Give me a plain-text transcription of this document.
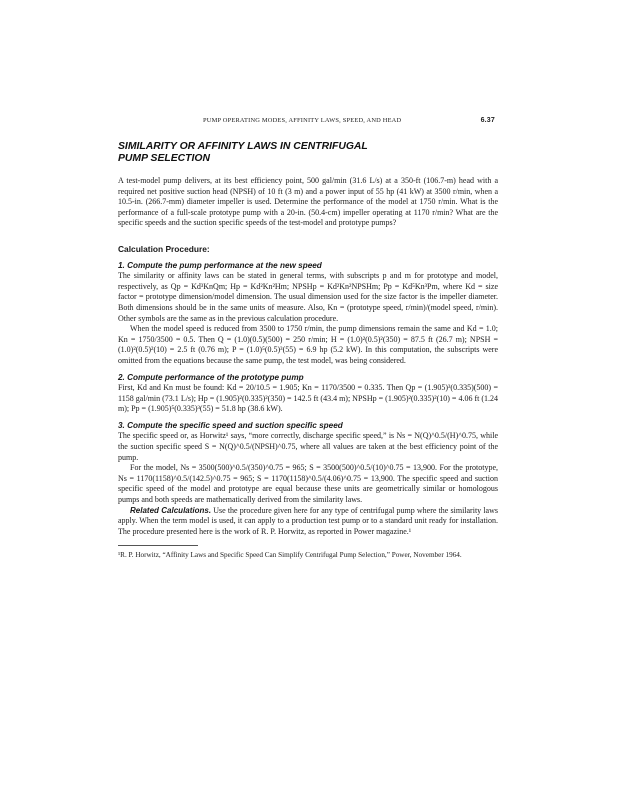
PUMP OPERATING MODES, AFFINITY LAWS, SPEED, AND HEAD	6.37
SIMILARITY OR AFFINITY LAWS IN CENTRIFUGAL PUMP SELECTION

A test-model pump delivers, at its best efficiency point, 500 gal/min (31.6 L/s) at a 350-ft (106.7-m) head with a required net positive suction head (NPSH) of 10 ft (3 m) and a power input of 55 hp (41 kW) at 3500 r/min, when a 10.5-in. (266.7-mm) diameter impeller is used. Determine the performance of the model at 1750 r/min. What is the performance of a full-scale prototype pump with a 20-in. (50.4-cm) impeller operating at 1170 r/min? What are the specific speeds and the suction specific speeds of the test-model and prototype pumps?

Calculation Procedure:
1. Compute the pump performance at the new speed

The similarity or affinity laws can be stated in general terms, with subscripts p and m for prototype and model, respectively, as Qp = Kd³KnQm; Hp = Kd²Kn²Hm; NPSHp = Kd²Kn²NPSHm; Pp = Kd⁵Kn³Pm, where Kd = size factor = prototype dimension/model dimension. The usual dimension used for the size factor is the impeller diameter. Both dimensions should be in the same units of measure. Also, Kn = (prototype speed, r/min)/(model speed, r/min). Other symbols are the same as in the previous calculation procedure.

When the model speed is reduced from 3500 to 1750 r/min, the pump dimensions remain the same and Kd = 1.0; Kn = 1750/3500 = 0.5. Then Q = (1.0)(0.5)(500) = 250 r/min; H = (1.0)²(0.5)²(350) = 87.5 ft (26.7 m); NPSH = (1.0)²(0.5)²(10) = 2.5 ft (0.76 m); P = (1.0)⁵(0.5)³(55) = 6.9 hp (5.2 kW). In this computation, the subscripts were omitted from the equations because the same pump, the test model, was being considered.

2. Compute performance of the prototype pump

First, Kd and Kn must be found: Kd = 20/10.5 = 1.905; Kn = 1170/3500 = 0.335. Then Qp = (1.905)³(0.335)(500) = 1158 gal/min (73.1 L/s); Hp = (1.905)²(0.335)²(350) = 142.5 ft (43.4 m); NPSHp = (1.905)²(0.335)²(10) = 4.06 ft (1.24 m); Pp = (1.905)⁵(0.335)³(55) = 51.8 hp (38.6 kW).

3. Compute the specific speed and suction specific speed

The specific speed or, as Horwitz¹ says, “more correctly, discharge specific speed,” is Ns = N(Q)^0.5/(H)^0.75, while the suction specific speed S = N(Q)^0.5/(NPSH)^0.75, where all values are taken at the best efficiency point of the pump.

For the model, Ns = 3500(500)^0.5/(350)^0.75 = 965; S = 3500(500)^0.5/(10)^0.75 = 13,900. For the prototype, Ns = 1170(1158)^0.5/(142.5)^0.75 = 965; S = 1170(1158)^0.5/(4.06)^0.75 = 13,900. The specific speed and suction specific speed of the model and prototype are equal because these units are geometrically similar or homologous pumps and both speeds are mathematically derived from the similarity laws.

Related Calculations. Use the procedure given here for any type of centrifugal pump where the similarity laws apply. When the term model is used, it can apply to a production test pump or to a standard unit ready for installation. The procedure presented here is the work of R. P. Horwitz, as reported in Power magazine.¹

¹R. P. Horwitz, “Affinity Laws and Specific Speed Can Simplify Centrifugal Pump Selection,” Power, November 1964.
